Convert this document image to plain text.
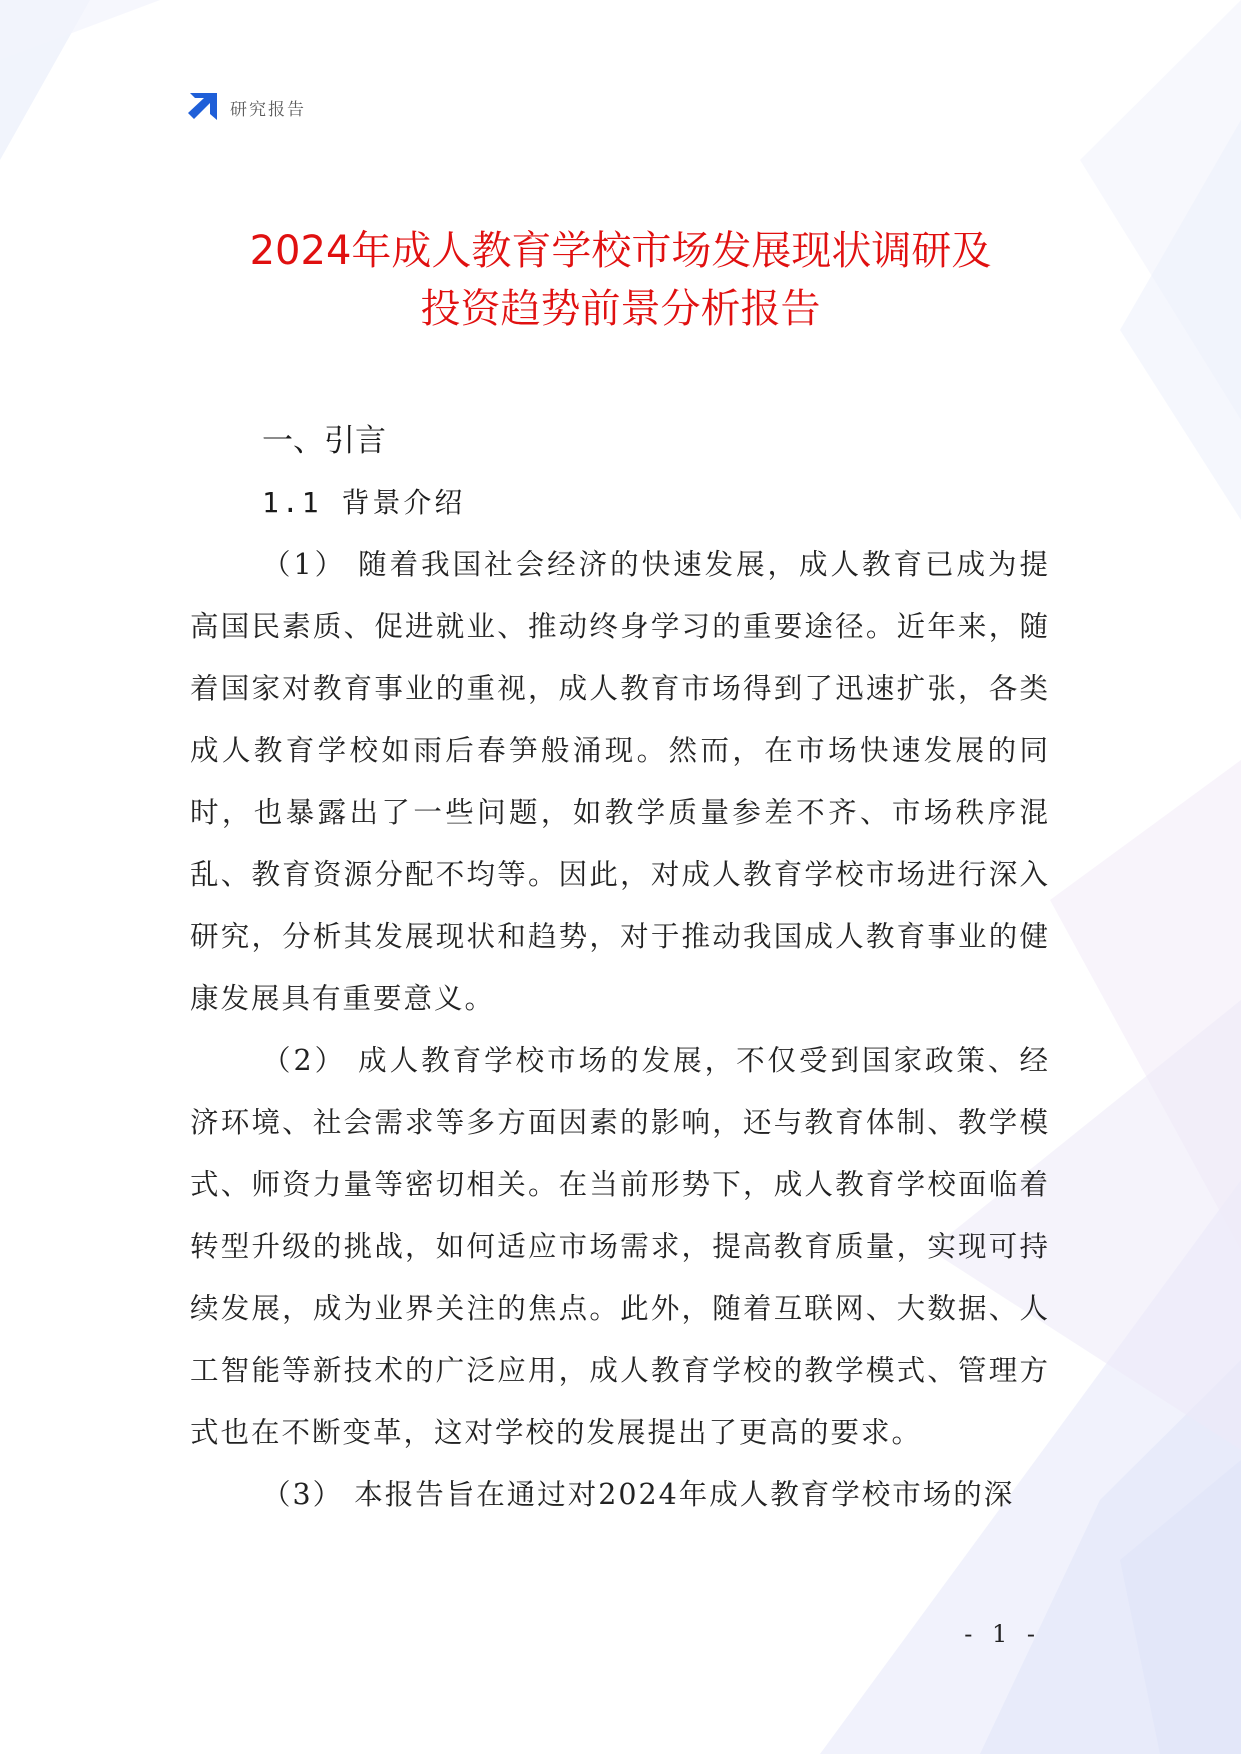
研究报告
2024年成人教育学校市场发展现状调研及
投资趋势前景分析报告
一、引言
1.1 背景介绍

（1） 随着我国社会经济的快速发展，成人教育已成为提高国民素质、促进就业、推动终身学习的重要途径。近年来，随着国家对教育事业的重视，成人教育市场得到了迅速扩张，各类成人教育学校如雨后春笋般涌现。然而，在市场快速发展的同时，也暴露出了一些问题，如教学质量参差不齐、市场秩序混乱、教育资源分配不均等。因此，对成人教育学校市场进行深入研究，分析其发展现状和趋势，对于推动我国成人教育事业的健康发展具有重要意义。

（2） 成人教育学校市场的发展，不仅受到国家政策、经济环境、社会需求等多方面因素的影响，还与教育体制、教学模式、师资力量等密切相关。在当前形势下，成人教育学校面临着转型升级的挑战，如何适应市场需求，提高教育质量，实现可持续发展，成为业界关注的焦点。此外，随着互联网、大数据、人工智能等新技术的广泛应用，成人教育学校的教学模式、管理方式也在不断变革，这对学校的发展提出了更高的要求。

（3） 本报告旨在通过对2024年成人教育学校市场的深

- 1 -
